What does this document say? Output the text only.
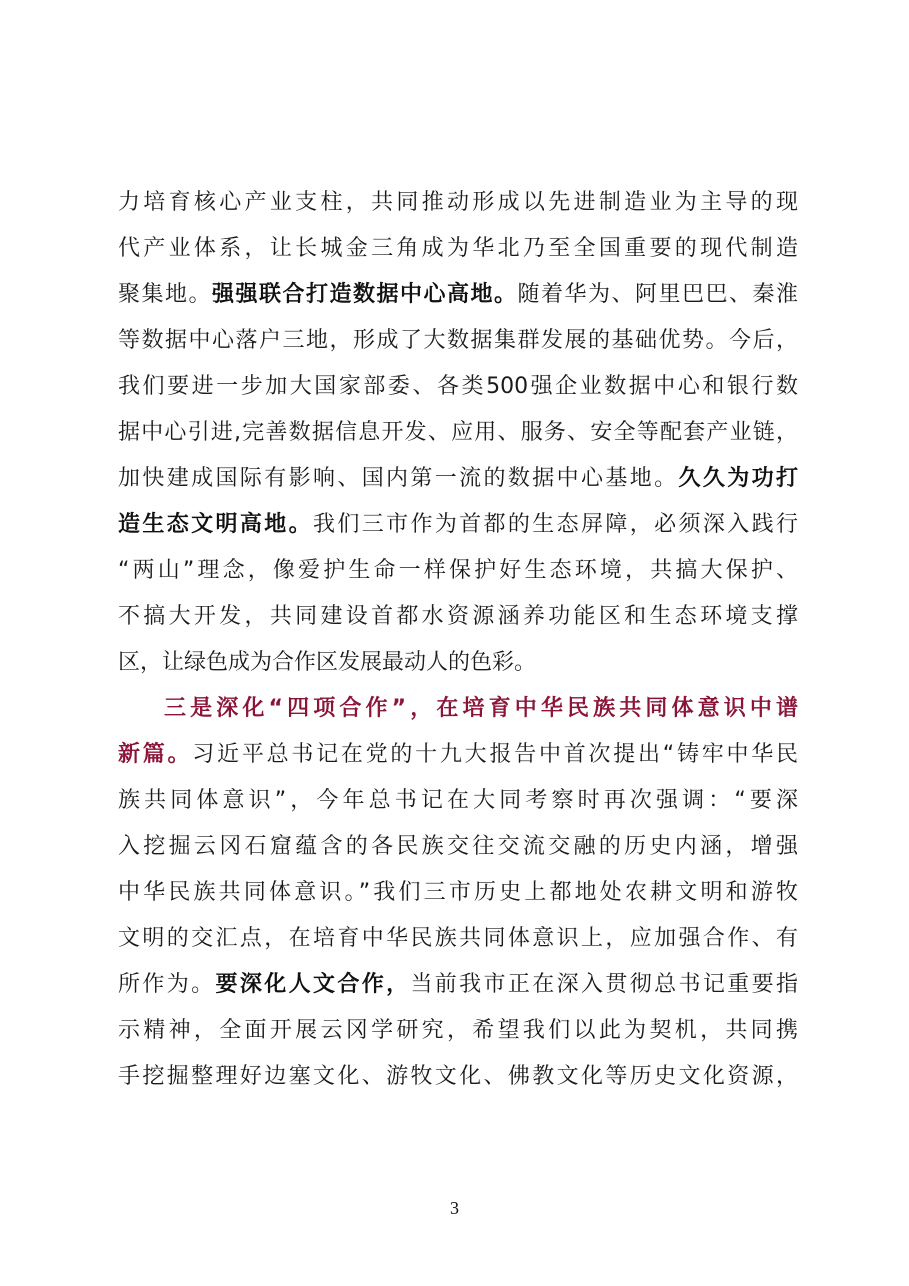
力培育核心产业支柱，共同推动形成以先进制造业为主导的现
代产业体系，让长城金三角成为华北乃至全国重要的现代制造
聚集地。强强联合打造数据中心高地。随着华为、阿里巴巴、秦淮
等数据中心落户三地，形成了大数据集群发展的基础优势。今后，
我们要进一步加大国家部委、各类500强企业数据中心和银行数
据中心引进,完善数据信息开发、应用、服务、安全等配套产业链，
加快建成国际有影响、国内第一流的数据中心基地。久久为功打
造生态文明高地。我们三市作为首都的生态屏障，必须深入践行
“两山”理念，像爱护生命一样保护好生态环境，共搞大保护、
不搞大开发，共同建设首都水资源涵养功能区和生态环境支撑
区，让绿色成为合作区发展最动人的色彩。
三是深化“四项合作”，在培育中华民族共同体意识中谱
新篇。习近平总书记在党的十九大报告中首次提出“铸牢中华民
族共同体意识”，今年总书记在大同考察时再次强调：“要深
入挖掘云冈石窟蕴含的各民族交往交流交融的历史内涵，增强
中华民族共同体意识。”我们三市历史上都地处农耕文明和游牧
文明的交汇点，在培育中华民族共同体意识上，应加强合作、有
所作为。要深化人文合作，当前我市正在深入贯彻总书记重要指
示精神，全面开展云冈学研究，希望我们以此为契机，共同携
手挖掘整理好边塞文化、游牧文化、佛教文化等历史文化资源，
3
